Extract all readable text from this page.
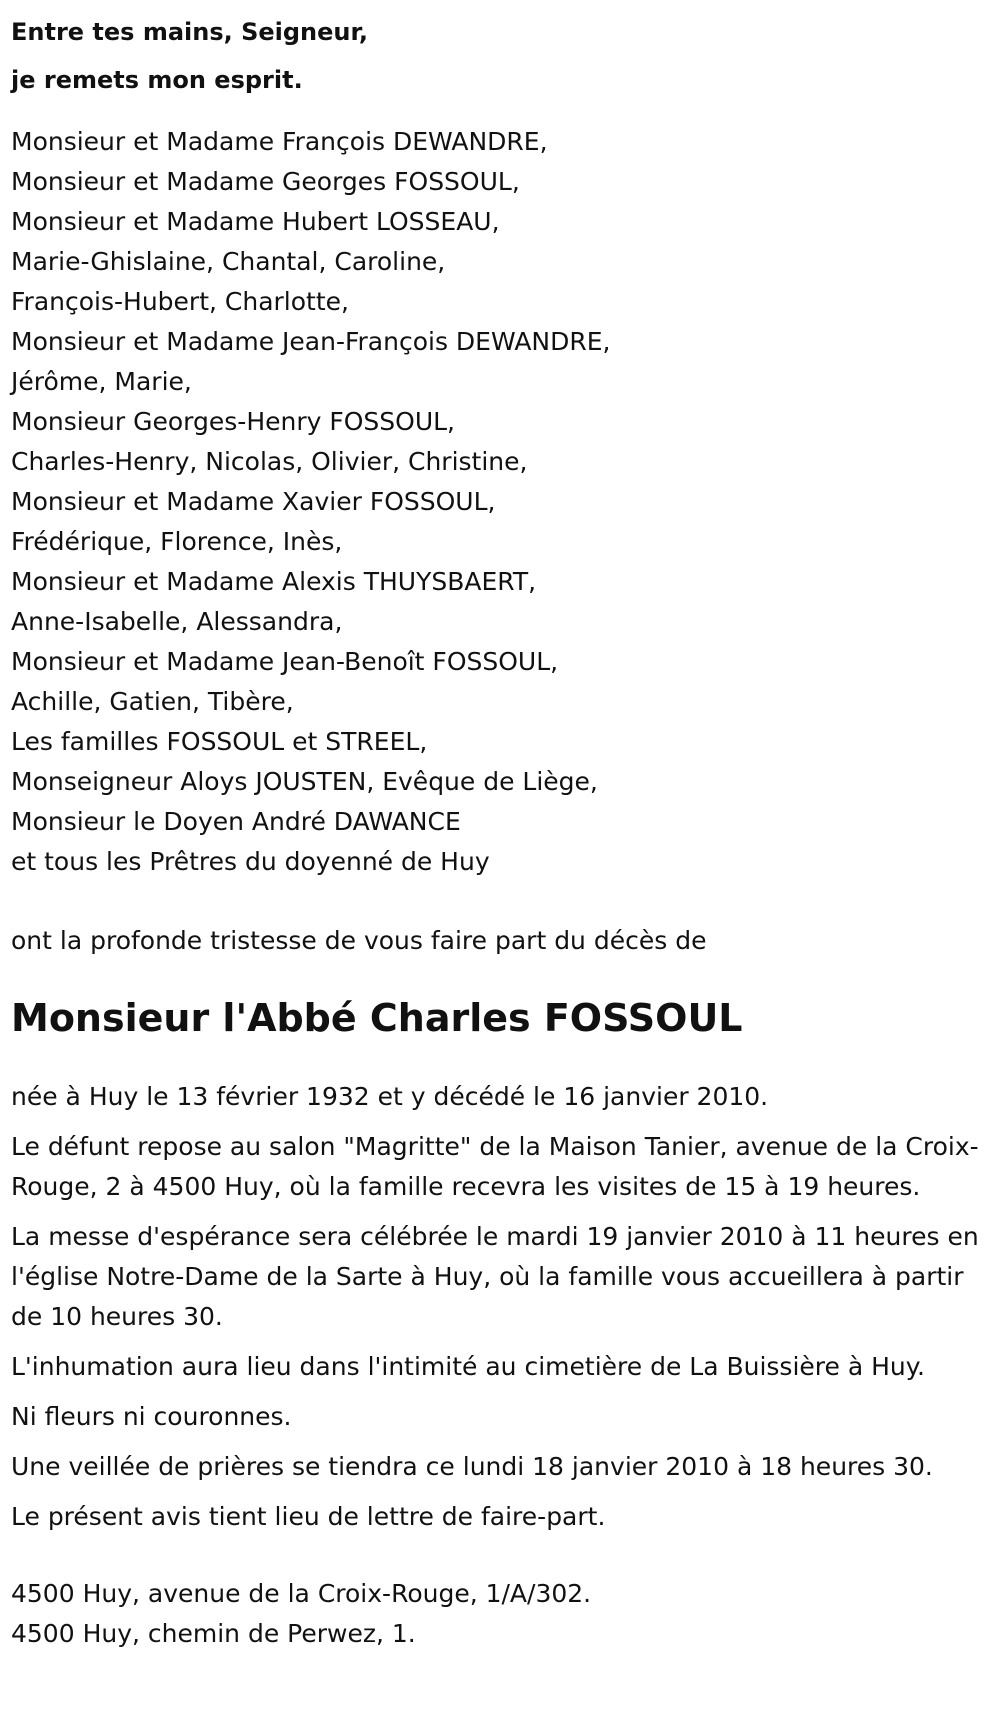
Entre tes mains, Seigneur,
je remets mon esprit.
Monsieur et Madame François DEWANDRE,
Monsieur et Madame Georges FOSSOUL,
Monsieur et Madame Hubert LOSSEAU,
Marie-Ghislaine, Chantal, Caroline,
François-Hubert, Charlotte,
Monsieur et Madame Jean-François DEWANDRE,
Jérôme, Marie,
Monsieur Georges-Henry FOSSOUL,
Charles-Henry, Nicolas, Olivier, Christine,
Monsieur et Madame Xavier FOSSOUL,
Frédérique, Florence, Inès,
Monsieur et Madame Alexis THUYSBAERT,
Anne-Isabelle, Alessandra,
Monsieur et Madame Jean-Benoît FOSSOUL,
Achille, Gatien, Tibère,
Les familles FOSSOUL et STREEL,
Monseigneur Aloys JOUSTEN, Evêque de Liège,
Monsieur le Doyen André DAWANCE
et tous les Prêtres du doyenné de Huy
ont la profonde tristesse de vous faire part du décès de
Monsieur l'Abbé Charles FOSSOUL

née à Huy le 13 février 1932 et y décédé le 16 janvier 2010.

Le défunt repose au salon "Magritte" de la Maison Tanier, avenue de la Croix-Rouge, 2 à 4500 Huy, où la famille recevra les visites de 15 à 19 heures.

La messe d'espérance sera célébrée le mardi 19 janvier 2010 à 11 heures en l'église Notre-Dame de la Sarte à Huy, où la famille vous accueillera à partir de 10 heures 30.

L'inhumation aura lieu dans l'intimité au cimetière de La Buissière à Huy.

Ni fleurs ni couronnes.

Une veillée de prières se tiendra ce lundi 18 janvier 2010 à 18 heures 30.

Le présent avis tient lieu de lettre de faire-part.

4500 Huy, avenue de la Croix-Rouge, 1/A/302.
4500 Huy, chemin de Perwez, 1.
